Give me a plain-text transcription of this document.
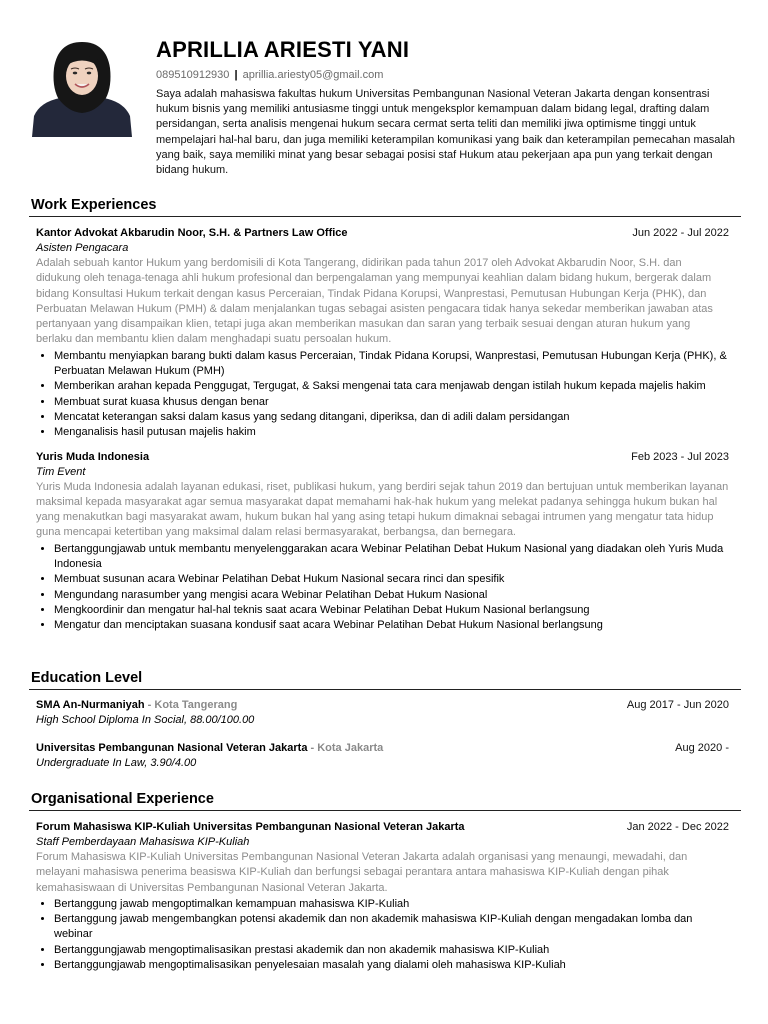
APRILLIA ARIESTI YANI
089510912930 | aprillia.ariesty05@gmail.com
Saya adalah mahasiswa fakultas hukum Universitas Pembangunan Nasional Veteran Jakarta dengan konsentrasi hukum bisnis yang memiliki antusiasme tinggi untuk mengeksplor kemampuan dalam bidang legal, drafting dalam persidangan, serta analisis mengenai hukum secara cermat serta teliti dan memiliki jiwa optimisme tinggi untuk mempelajari hal-hal baru, dan juga memiliki keterampilan komunikasi yang baik dan keterampilan pemecahan masalah yang baik, saya memiliki minat yang besar sebagai posisi staf Hukum atau pekerjaan apa pun yang terkait dengan bidang hukum.
Work Experiences
Kantor Advokat Akbarudin Noor, S.H. & Partners Law Office	Jun 2022 - Jul 2022
Asisten Pengacara
Adalah sebuah kantor Hukum yang berdomisili di Kota Tangerang, didirikan pada tahun 2017 oleh Advokat Akbarudin Noor, S.H. dan didukung oleh tenaga-tenaga ahli hukum profesional dan berpengalaman yang mempunyai keahlian dalam bidang hukum, bergerak dalam bidang Konsultasi Hukum terkait dengan kasus Perceraian, Tindak Pidana Korupsi, Wanprestasi, Pemutusan Hubungan Kerja (PHK), dan Perbuatan Melawan Hukum (PMH) & dalam menjalankan tugas sebagai asisten pengacara tidak hanya sekedar memberikan jawaban atas pertanyaan yang disampaikan klien, tetapi juga akan memberikan masukan dan saran yang terbaik sesuai dengan aturan hukum yang berlaku dan membantu klien dalam menghadapi suatu persoalan hukum.
• Membantu menyiapkan barang bukti dalam kasus Perceraian, Tindak Pidana Korupsi, Wanprestasi, Pemutusan Hubungan Kerja (PHK), & Perbuatan Melawan Hukum (PMH)
• Memberikan arahan kepada Penggugat, Tergugat, & Saksi mengenai tata cara menjawab dengan istilah hukum kepada majelis hakim
• Membuat surat kuasa khusus dengan benar
• Mencatat keterangan saksi dalam kasus yang sedang ditangani, diperiksa, dan di adili dalam persidangan
• Menganalisis hasil putusan majelis hakim
Yuris Muda Indonesia	Feb 2023 - Jul 2023
Tim Event
Yuris Muda Indonesia adalah layanan edukasi, riset, publikasi hukum, yang berdiri sejak tahun 2019 dan bertujuan untuk memberikan layanan maksimal kepada masyarakat agar semua masyarakat dapat memahami hak-hak hukum yang melekat padanya sehingga hukum bukan hal yang menakutkan bagi masyarakat awam, hukum bukan hal yang asing tetapi hukum dimaknai sebagai intrumen yang mengatur tata hidup guna mencapai ketertiban yang maksimal dalam relasi bermasyarakat, berbangsa, dan bernegara.
• Bertanggungjawab untuk membantu menyelenggarakan acara Webinar Pelatihan Debat Hukum Nasional yang diadakan oleh Yuris Muda Indonesia
• Membuat susunan acara Webinar Pelatihan Debat Hukum Nasional secara rinci dan spesifik
• Mengundang narasumber yang mengisi acara Webinar Pelatihan Debat Hukum Nasional
• Mengkoordinir dan mengatur hal-hal teknis saat acara Webinar Pelatihan Debat Hukum Nasional berlangsung
• Mengatur dan menciptakan suasana kondusif saat acara Webinar Pelatihan Debat Hukum Nasional berlangsung
Education Level
SMA An-Nurmaniyah - Kota Tangerang	Aug 2017 - Jun 2020
High School Diploma In Social, 88.00/100.00
Universitas Pembangunan Nasional Veteran Jakarta - Kota Jakarta	Aug 2020 -
Undergraduate In Law, 3.90/4.00
Organisational Experience
Forum Mahasiswa KIP-Kuliah Universitas Pembangunan Nasional Veteran Jakarta	Jan 2022 - Dec 2022
Staff Pemberdayaan Mahasiswa KIP-Kuliah
Forum Mahasiswa KIP-Kuliah Universitas Pembangunan Nasional Veteran Jakarta adalah organisasi yang menaungi, mewadahi, dan melayani mahasiswa penerima beasiswa KIP-Kuliah dan berfungsi sebagai perantara antara mahasiswa KIP-Kuliah dengan pihak kemahasiswaan di Universitas Pembangunan Nasional Veteran Jakarta.
• Bertanggung jawab mengoptimalkan kemampuan mahasiswa KIP-Kuliah
• Bertanggung jawab mengembangkan potensi akademik dan non akademik mahasiswa KIP-Kuliah dengan mengadakan lomba dan webinar
• Bertanggungjawab mengoptimalisasikan prestasi akademik dan non akademik mahasiswa KIP-Kuliah
• Bertanggungjawab mengoptimalisasikan penyelesaian masalah yang dialami oleh mahasiswa KIP-Kuliah
